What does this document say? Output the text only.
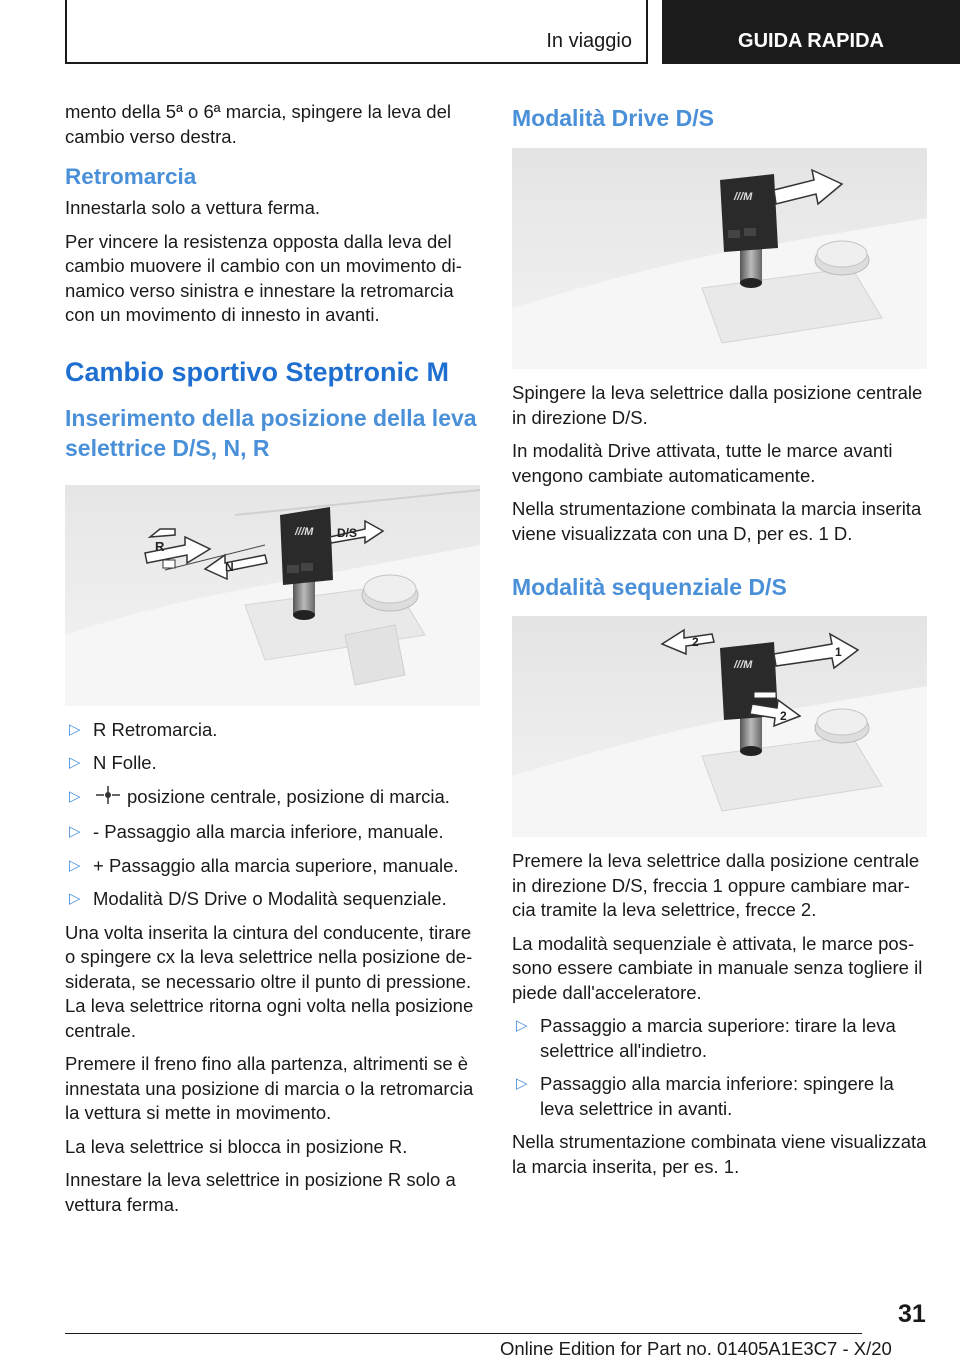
In viaggio	GUIDA RAPIDA

mento della 5ª o 6ª marcia, spingere la leva del cambio verso destra.

Retromarcia

Innestarla solo a vettura ferma.

Per vincere la resistenza opposta dalla leva del cambio muovere il cambio con un movimento dinamico verso sinistra e innestare la retromarcia con un movimento di innesto in avanti.

Cambio sportivo Steptronic M
Inserimento della posizione della leva selettrice D/S, N, R
///M
R
N
D/S
▷ R Retromarcia.
▷ N Folle.
▷	posizione centrale, posizione di marcia.
▷ - Passaggio alla marcia inferiore, manuale.
▷ + Passaggio alla marcia superiore, manuale.
▷ Modalità D/S Drive o Modalità sequenziale.

Una volta inserita la cintura del conducente, tirare o spingere cx la leva selettrice nella posizione desiderata, se necessario oltre il punto di pressione. La leva selettrice ritorna ogni volta nella posizione centrale.

Premere il freno fino alla partenza, altrimenti se è innestata una posizione di marcia o la retromarcia la vettura si mette in movimento.

La leva selettrice si blocca in posizione R.

Innestare la leva selettrice in posizione R solo a vettura ferma.

Modalità Drive D/S
///M

Spingere la leva selettrice dalla posizione centrale in direzione D/S.

In modalità Drive attivata, tutte le marce avanti vengono cambiate automaticamente.

Nella strumentazione combinata la marcia inserita viene visualizzata con una D, per es. 1 D.

Modalità sequenziale D/S
///M
2
1
2

Premere la leva selettrice dalla posizione centrale in direzione D/S, freccia 1 oppure cambiare marcia tramite la leva selettrice, frecce 2.

La modalità sequenziale è attivata, le marce possono essere cambiate in manuale senza togliere il piede dall'acceleratore.

▷ Passaggio a marcia superiore: tirare la leva selettrice all'indietro.
▷ Passaggio alla marcia inferiore: spingere la leva selettrice in avanti.

Nella strumentazione combinata viene visualizzata la marcia inserita, per es. 1.

31
Online Edition for Part no. 01405A1E3C7 - X/20
